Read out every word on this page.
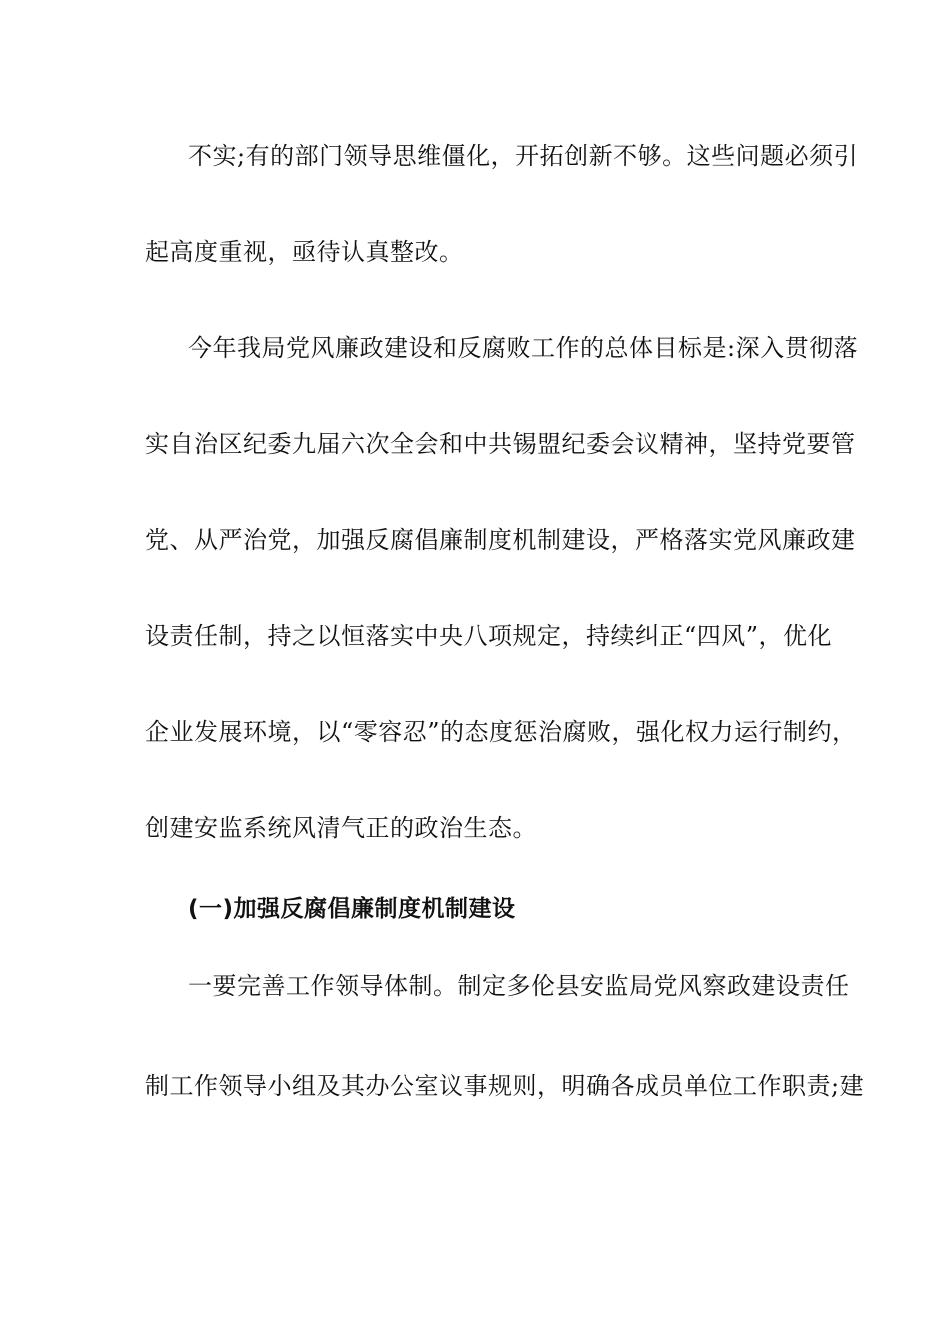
不实;有的部门领导思维僵化，开拓创新不够。这些问题必须引
起高度重视，亟待认真整改。
今年我局党风廉政建设和反腐败工作的总体目标是:深入贯彻落
实自治区纪委九届六次全会和中共锡盟纪委会议精神，坚持党要管
党、从严治党，加强反腐倡廉制度机制建设，严格落实党风廉政建
设责任制，持之以恒落实中央八项规定，持续纠正“四风”，优化
企业发展环境，以“零容忍”的态度惩治腐败，强化权力运行制约，
创建安监系统风清气正的政治生态。
(一)加强反腐倡廉制度机制建设
一要完善工作领导体制。制定多伦县安监局党风察政建设责任
制工作领导小组及其办公室议事规则，明确各成员单位工作职责;建
